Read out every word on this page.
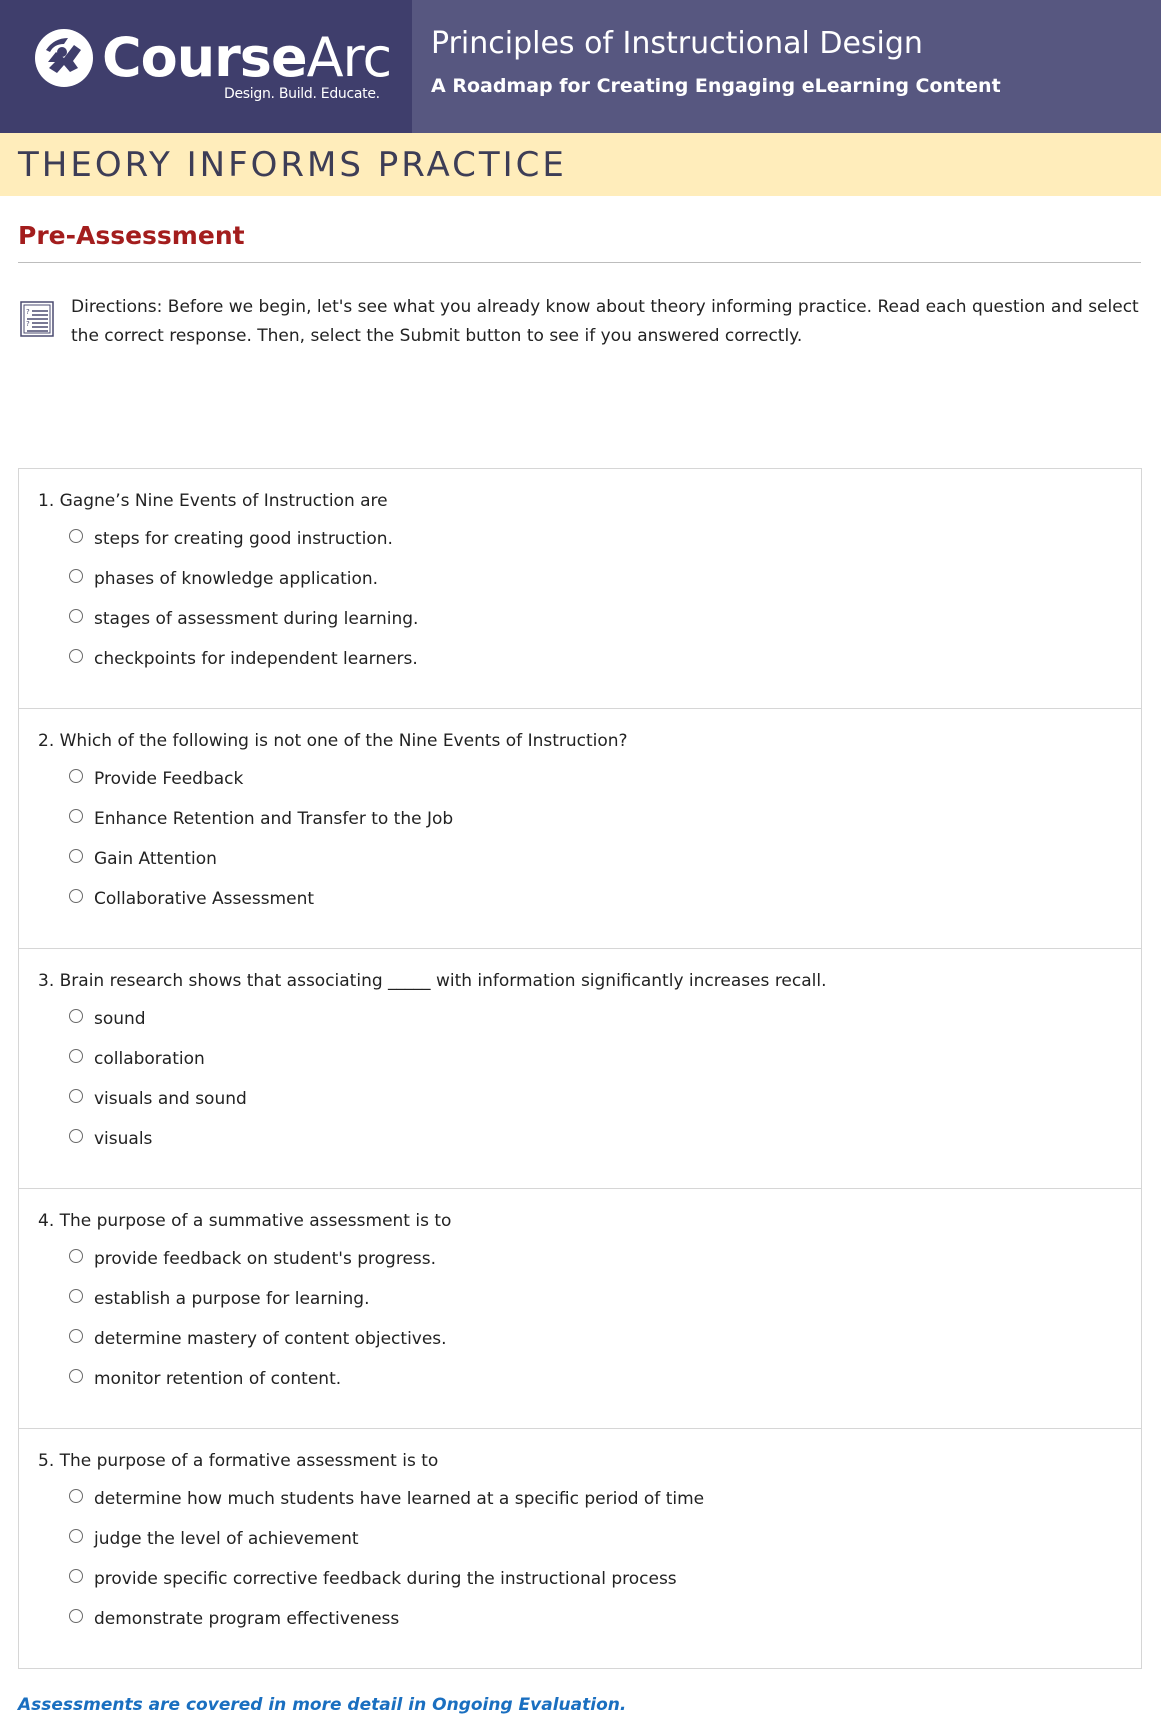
CourseArc
Design. Build. Educate.
Principles of Instructional Design
A Roadmap for Creating Engaging eLearning Content
THEORY INFORMS PRACTICE
Pre-Assessment
?
?
Directions: Before we begin, let's see what you already know about theory informing practice. Read each question and select the correct response. Then, select the Submit button to see if you answered correctly.
1. Gagne’s Nine Events of Instruction are
steps for creating good instruction.
phases of knowledge application.
stages of assessment during learning.
checkpoints for independent learners.
2. Which of the following is not one of the Nine Events of Instruction?
Provide Feedback
Enhance Retention and Transfer to the Job
Gain Attention
Collaborative Assessment
3. Brain research shows that associating _____ with information significantly increases recall.
sound
collaboration
visuals and sound
visuals
4. The purpose of a summative assessment is to
provide feedback on student's progress.
establish a purpose for learning.
determine mastery of content objectives.
monitor retention of content.
5. The purpose of a formative assessment is to
determine how much students have learned at a specific period of time
judge the level of achievement
provide specific corrective feedback during the instructional process
demonstrate program effectiveness
Assessments are covered in more detail in Ongoing Evaluation.
